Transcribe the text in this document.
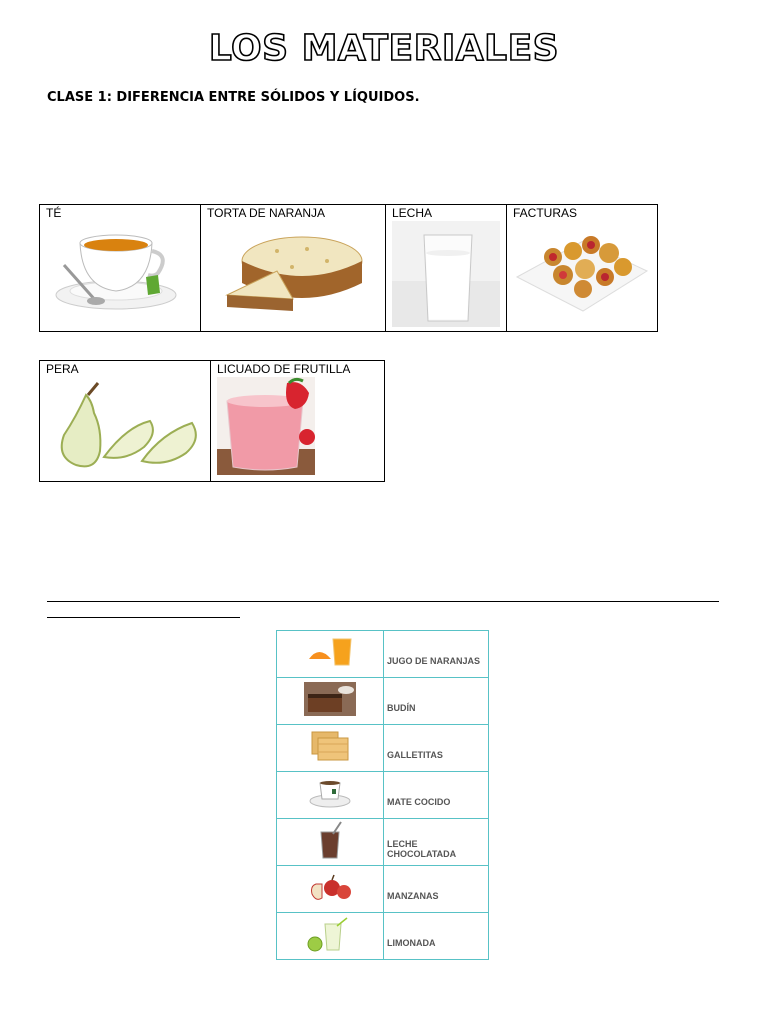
LOS MATERIALES
CLASE 1: DIFERENCIA ENTRE SÓLIDOS Y LÍQUIDOS.
TÉ	TORTA DE NARANJA	LECHA	FACTURAS
PERA	LICUADO DE FRUTILLA
	JUGO DE NARANJAS
	BUDÍN
	GALLETITAS
	MATE COCIDO
	LECHE CHOCOLATADA
	MANZANAS
	LIMONADA
